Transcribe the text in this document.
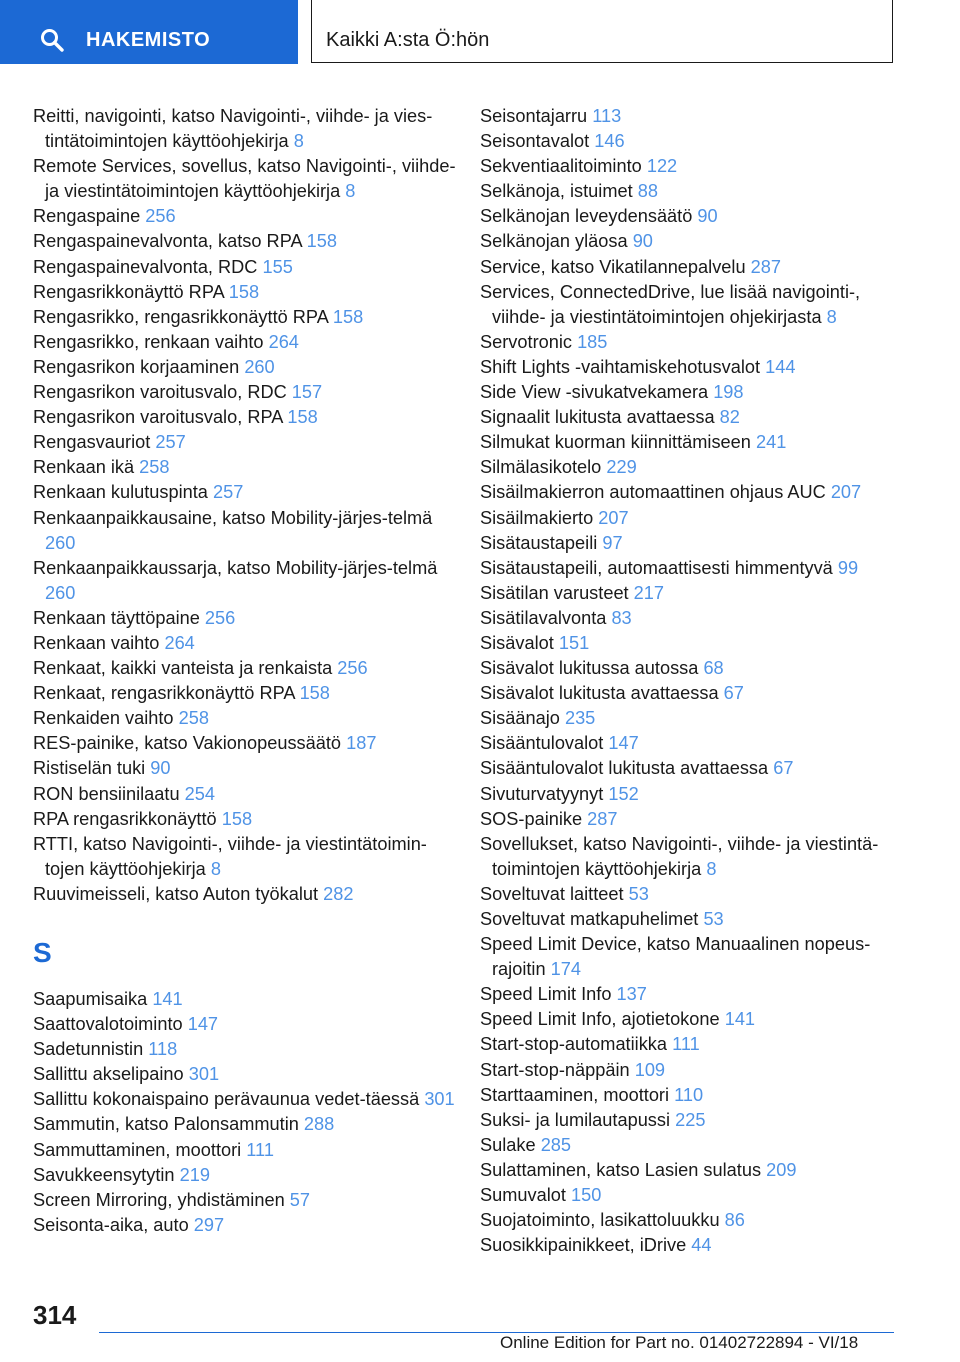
HAKEMISTO	Kaikki A:sta Ö:hön
Reitti, navigointi, katso Navigointi-, viihde- ja vies-tintätoimintojen käyttöohjekirja 8
Remote Services, sovellus, katso Navigointi-, viihde- ja viestintätoimintojen käyttöohjekirja 8
Rengaspaine 256
Rengaspainevalvonta, katso RPA 158
Rengaspainevalvonta, RDC 155
Rengasrikkonäyttö RPA 158
Rengasrikko, rengasrikkonäyttö RPA 158
Rengasrikko, renkaan vaihto 264
Rengasrikon korjaaminen 260
Rengasrikon varoitusvalo, RDC 157
Rengasrikon varoitusvalo, RPA 158
Rengasvauriot 257
Renkaan ikä 258
Renkaan kulutuspinta 257
Renkaanpaikkausaine, katso Mobility-järjes-telmä 260
Renkaanpaikkaussarja, katso Mobility-järjes-telmä 260
Renkaan täyttöpaine 256
Renkaan vaihto 264
Renkaat, kaikki vanteista ja renkaista 256
Renkaat, rengasrikkonäyttö RPA 158
Renkaiden vaihto 258
RES-painike, katso Vakionopeussäätö 187
Ristiselän tuki 90
RON bensiinilaatu 254
RPA rengasrikkonäyttö 158
RTTI, katso Navigointi-, viihde- ja viestintätoimin-tojen käyttöohjekirja 8
Ruuvimeisseli, katso Auton työkalut 282
S
Saapumisaika 141
Saattovalotoiminto 147
Sadetunnistin 118
Sallittu akselipaino 301
Sallittu kokonaispaino perävaunua vedet-täessä 301
Sammutin, katso Palonsammutin 288
Sammuttaminen, moottori 111
Savukkeensytytin 219
Screen Mirroring, yhdistäminen 57
Seisonta-aika, auto 297
Seisontajarru 113
Seisontavalot 146
Sekventiaalitoiminto 122
Selkänoja, istuimet 88
Selkänojan leveydensäätö 90
Selkänojan yläosa 90
Service, katso Vikatilannepalvelu 287
Services, ConnectedDrive, lue lisää navigointi-, viihde- ja viestintätoimintojen ohjekirjasta 8
Servotronic 185
Shift Lights -vaihtamiskehotusvalot 144
Side View -sivukatvekamera 198
Signaalit lukitusta avattaessa 82
Silmukat kuorman kiinnittämiseen 241
Silmälasikotelo 229
Sisäilmakierron automaattinen ohjaus AUC 207
Sisäilmakierto 207
Sisätaustapeili 97
Sisätaustapeili, automaattisesti himmentyvä 99
Sisätilan varusteet 217
Sisätilavalvonta 83
Sisävalot 151
Sisävalot lukitussa autossa 68
Sisävalot lukitusta avattaessa 67
Sisäänajo 235
Sisääntulovalot 147
Sisääntulovalot lukitusta avattaessa 67
Sivuturvatyynyt 152
SOS-painike 287
Sovellukset, katso Navigointi-, viihde- ja viestintä-toimintojen käyttöohjekirja 8
Soveltuvat laitteet 53
Soveltuvat matkapuhelimet 53
Speed Limit Device, katso Manuaalinen nopeus-rajoitin 174
Speed Limit Info 137
Speed Limit Info, ajotietokone 141
Start-stop-automatiikka 111
Start-stop-näppäin 109
Starttaaminen, moottori 110
Suksi- ja lumilautapussi 225
Sulake 285
Sulattaminen, katso Lasien sulatus 209
Sumuvalot 150
Suojatoiminto, lasikattoluukku 86
Suosikkipainikkeet, iDrive 44
314
Online Edition for Part no. 01402722894 - VI/18
